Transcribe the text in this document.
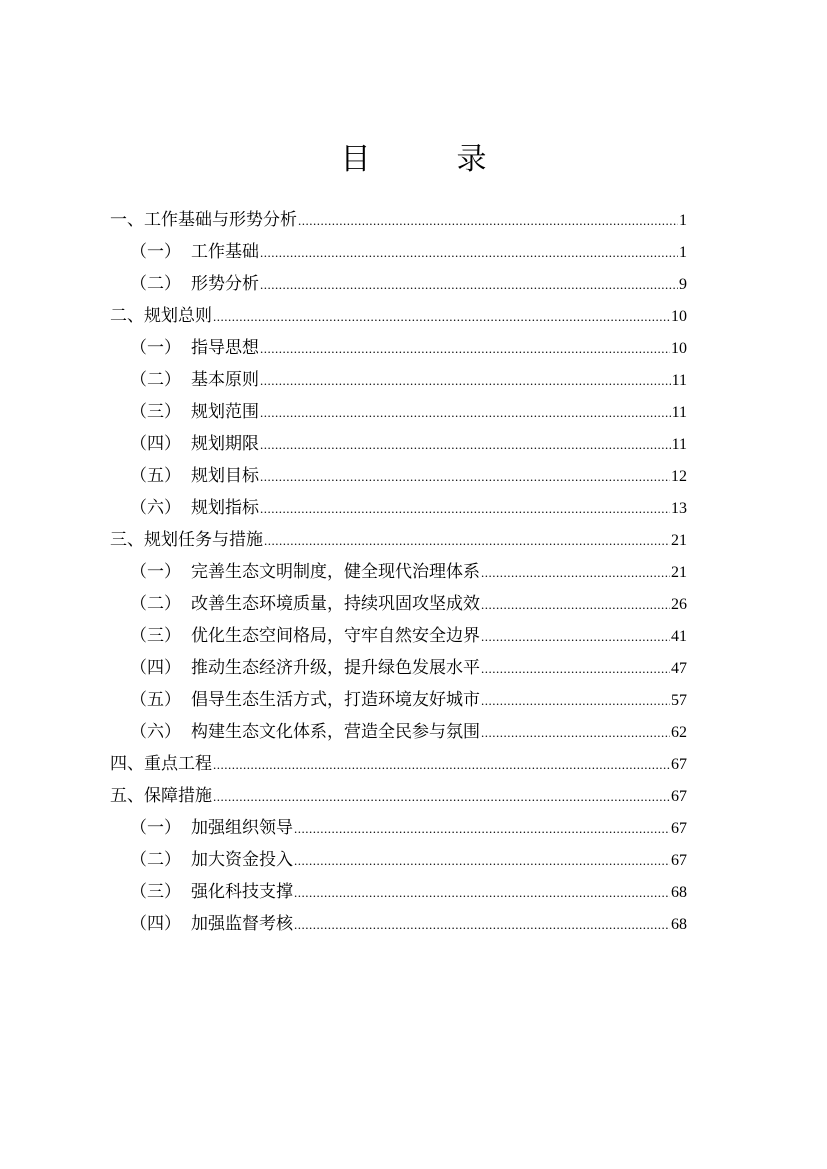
目　录
一、工作基础与形势分析 .....	1
（一） 工作基础 .....	1
（二） 形势分析 .....	9
二、规划总则 .....	10
（一） 指导思想 .....	10
（二） 基本原则 .....	11
（三） 规划范围 .....	11
（四） 规划期限 .....	11
（五） 规划目标 .....	12
（六） 规划指标 .....	13
三、规划任务与措施 .....	21
（一） 完善生态文明制度，健全现代治理体系 .....	21
（二） 改善生态环境质量，持续巩固攻坚成效 .....	26
（三） 优化生态空间格局，守牢自然安全边界 .....	41
（四） 推动生态经济升级，提升绿色发展水平 .....	47
（五） 倡导生态生活方式，打造环境友好城市 .....	57
（六） 构建生态文化体系，营造全民参与氛围 .....	62
四、重点工程 .....	67
五、保障措施 .....	67
（一） 加强组织领导 .....	67
（二） 加大资金投入 .....	67
（三） 强化科技支撑 .....	68
（四） 加强监督考核 .....	68
